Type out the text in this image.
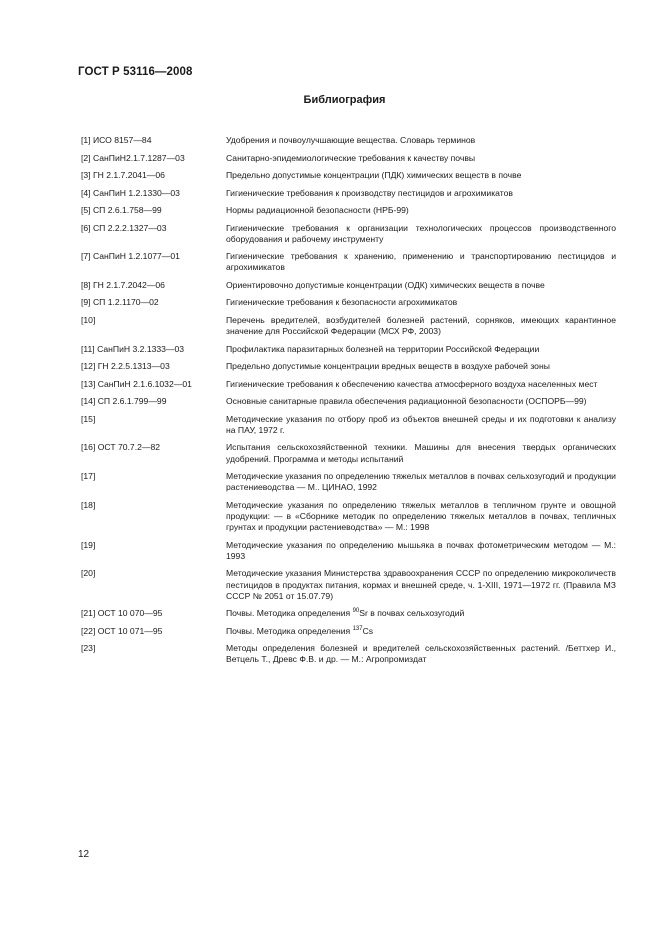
ГОСТ Р 53116—2008
Библиография
[1] ИСО 8157—84	Удобрения и почвоулучшающие вещества. Словарь терминов
[2] СанПиН2.1.7.1287—03	Санитарно-эпидемиологические требования к качеству почвы
[3] ГН 2.1.7.2041—06	Предельно допустимые концентрации (ПДК) химических веществ в почве
[4] СанПиН 1.2.1330—03	Гигиенические требования к производству пестицидов и агрохимикатов
[5] СП 2.6.1.758—99	Нормы радиационной безопасности (НРБ-99)
[6] СП 2.2.2.1327—03	Гигиенические требования к организации технологических процессов производственного оборудования и рабочему инструменту
[7] СанПиН 1.2.1077—01	Гигиенические требования к хранению, применению и транспортированию пестицидов и агрохимикатов
[8] ГН 2.1.7.2042—06	Ориентировочно допустимые концентрации (ОДК) химических веществ в почве
[9] СП 1.2.1170—02	Гигиенические требования к безопасности агрохимикатов
[10]	Перечень вредителей, возбудителей болезней растений, сорняков, имеющих карантинное значение для Российской Федерации (МСХ РФ, 2003)
[11] СанПиН 3.2.1333—03	Профилактика паразитарных болезней на территории Российской Федерации
[12] ГН 2.2.5.1313—03	Предельно допустимые концентрации вредных веществ в воздухе рабочей зоны
[13] СанПиН 2.1.6.1032—01	Гигиенические требования к обеспечению качества атмосферного воздуха населенных мест
[14] СП 2.6.1.799—99	Основные санитарные правила обеспечения радиационной безопасности (ОСПОРБ—99)
[15]	Методические указания по отбору проб из объектов внешней среды и их подготовки к анализу на ПАУ, 1972 г.
[16] ОСТ 70.7.2—82	Испытания сельскохозяйственной техники. Машины для внесения твердых органических удобрений. Программа и методы испытаний
[17]	Методические указания по определению тяжелых металлов в почвах сельхозугодий и продукции растениеводства — М.. ЦИНАО, 1992
[18]	Методические указания по определению тяжелых металлов в тепличном грунте и овощной продукции: — в «Сборнике методик по определению тяжелых металлов в почвах, тепличных грунтах и продукции растениеводства» — М.: 1998
[19]	Методические указания по определению мышьяка в почвах фотометрическим методом — М.: 1993
[20]	Методические указания Министерства здравоохранения СССР по определению микроколичеств пестицидов в продуктах питания, кормах и внешней среде, ч. 1-XIII, 1971—1972 гг. (Правила МЗ СССР № 2051 от 15.07.79)
[21] ОСТ 10 070—95	Почвы. Методика определения $^{90}$Sr в почвах сельхозугодий
[22] ОСТ 10 071—95	Почвы. Методика определения $^{137}$Cs
[23]	Методы определения болезней и вредителей сельскохозяйственных растений. /Беттхер И., Ветцель Т., Древс Ф.В. и др. — М.: Агропромиздат
12
